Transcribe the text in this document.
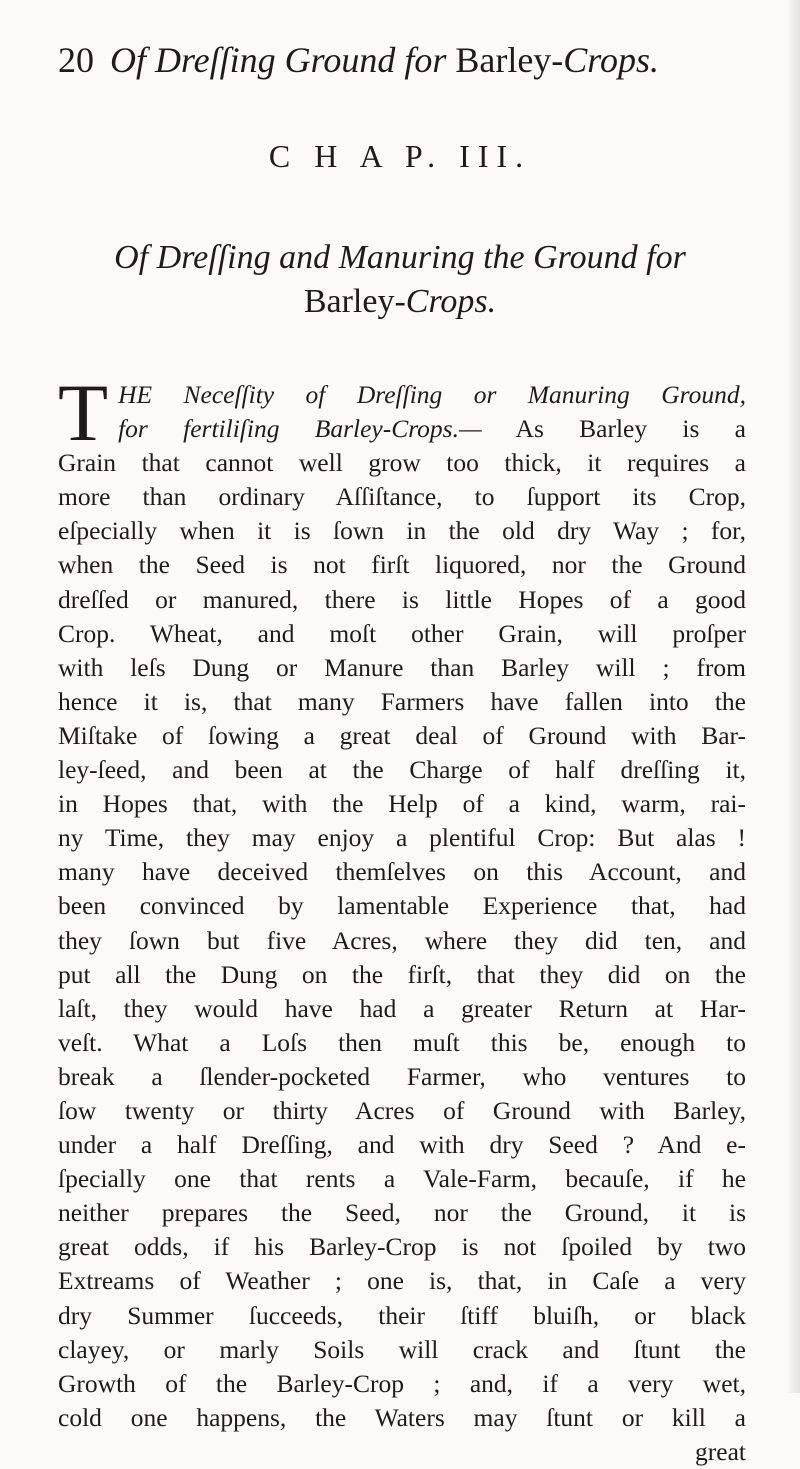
20 Of Dreſſing Ground for Barley-Crops.
C H A P. III.
Of Dreſſing and Manuring the Ground for
Barley-Crops.
T HE Neceſſity of Dreſſing or Manuring Ground,
for fertiliſing Barley-Crops.— As Barley is a
Grain that cannot well grow too thick, it requires a
more than ordinary Aſſiſtance, to ſupport its Crop,
eſpecially when it is ſown in the old dry Way ; for,
when the Seed is not firſt liquored, nor the Ground
dreſſed or manured, there is little Hopes of a good
Crop. Wheat, and moſt other Grain, will proſper
with leſs Dung or Manure than Barley will ; from
hence it is, that many Farmers have fallen into the
Miſtake of ſowing a great deal of Ground with Bar-
ley-ſeed, and been at the Charge of half dreſſing it,
in Hopes that, with the Help of a kind, warm, rai-
ny Time, they may enjoy a plentiful Crop: But alas !
many have deceived themſelves on this Account, and
been convinced by lamentable Experience that, had
they ſown but five Acres, where they did ten, and
put all the Dung on the firſt, that they did on the
laſt, they would have had a greater Return at Har-
veſt. What a Loſs then muſt this be, enough to
break a ſlender-pocketed Farmer, who ventures to
ſow twenty or thirty Acres of Ground with Barley,
under a half Dreſſing, and with dry Seed ? And e-
ſpecially one that rents a Vale-Farm, becauſe, if he
neither prepares the Seed, nor the Ground, it is
great odds, if his Barley-Crop is not ſpoiled by two
Extreams of Weather ; one is, that, in Caſe a very
dry Summer ſucceeds, their ſtiff bluiſh, or black
clayey, or marly Soils will crack and ſtunt the
Growth of the Barley-Crop ; and, if a very wet,
cold one happens, the Waters may ſtunt or kill a
great
